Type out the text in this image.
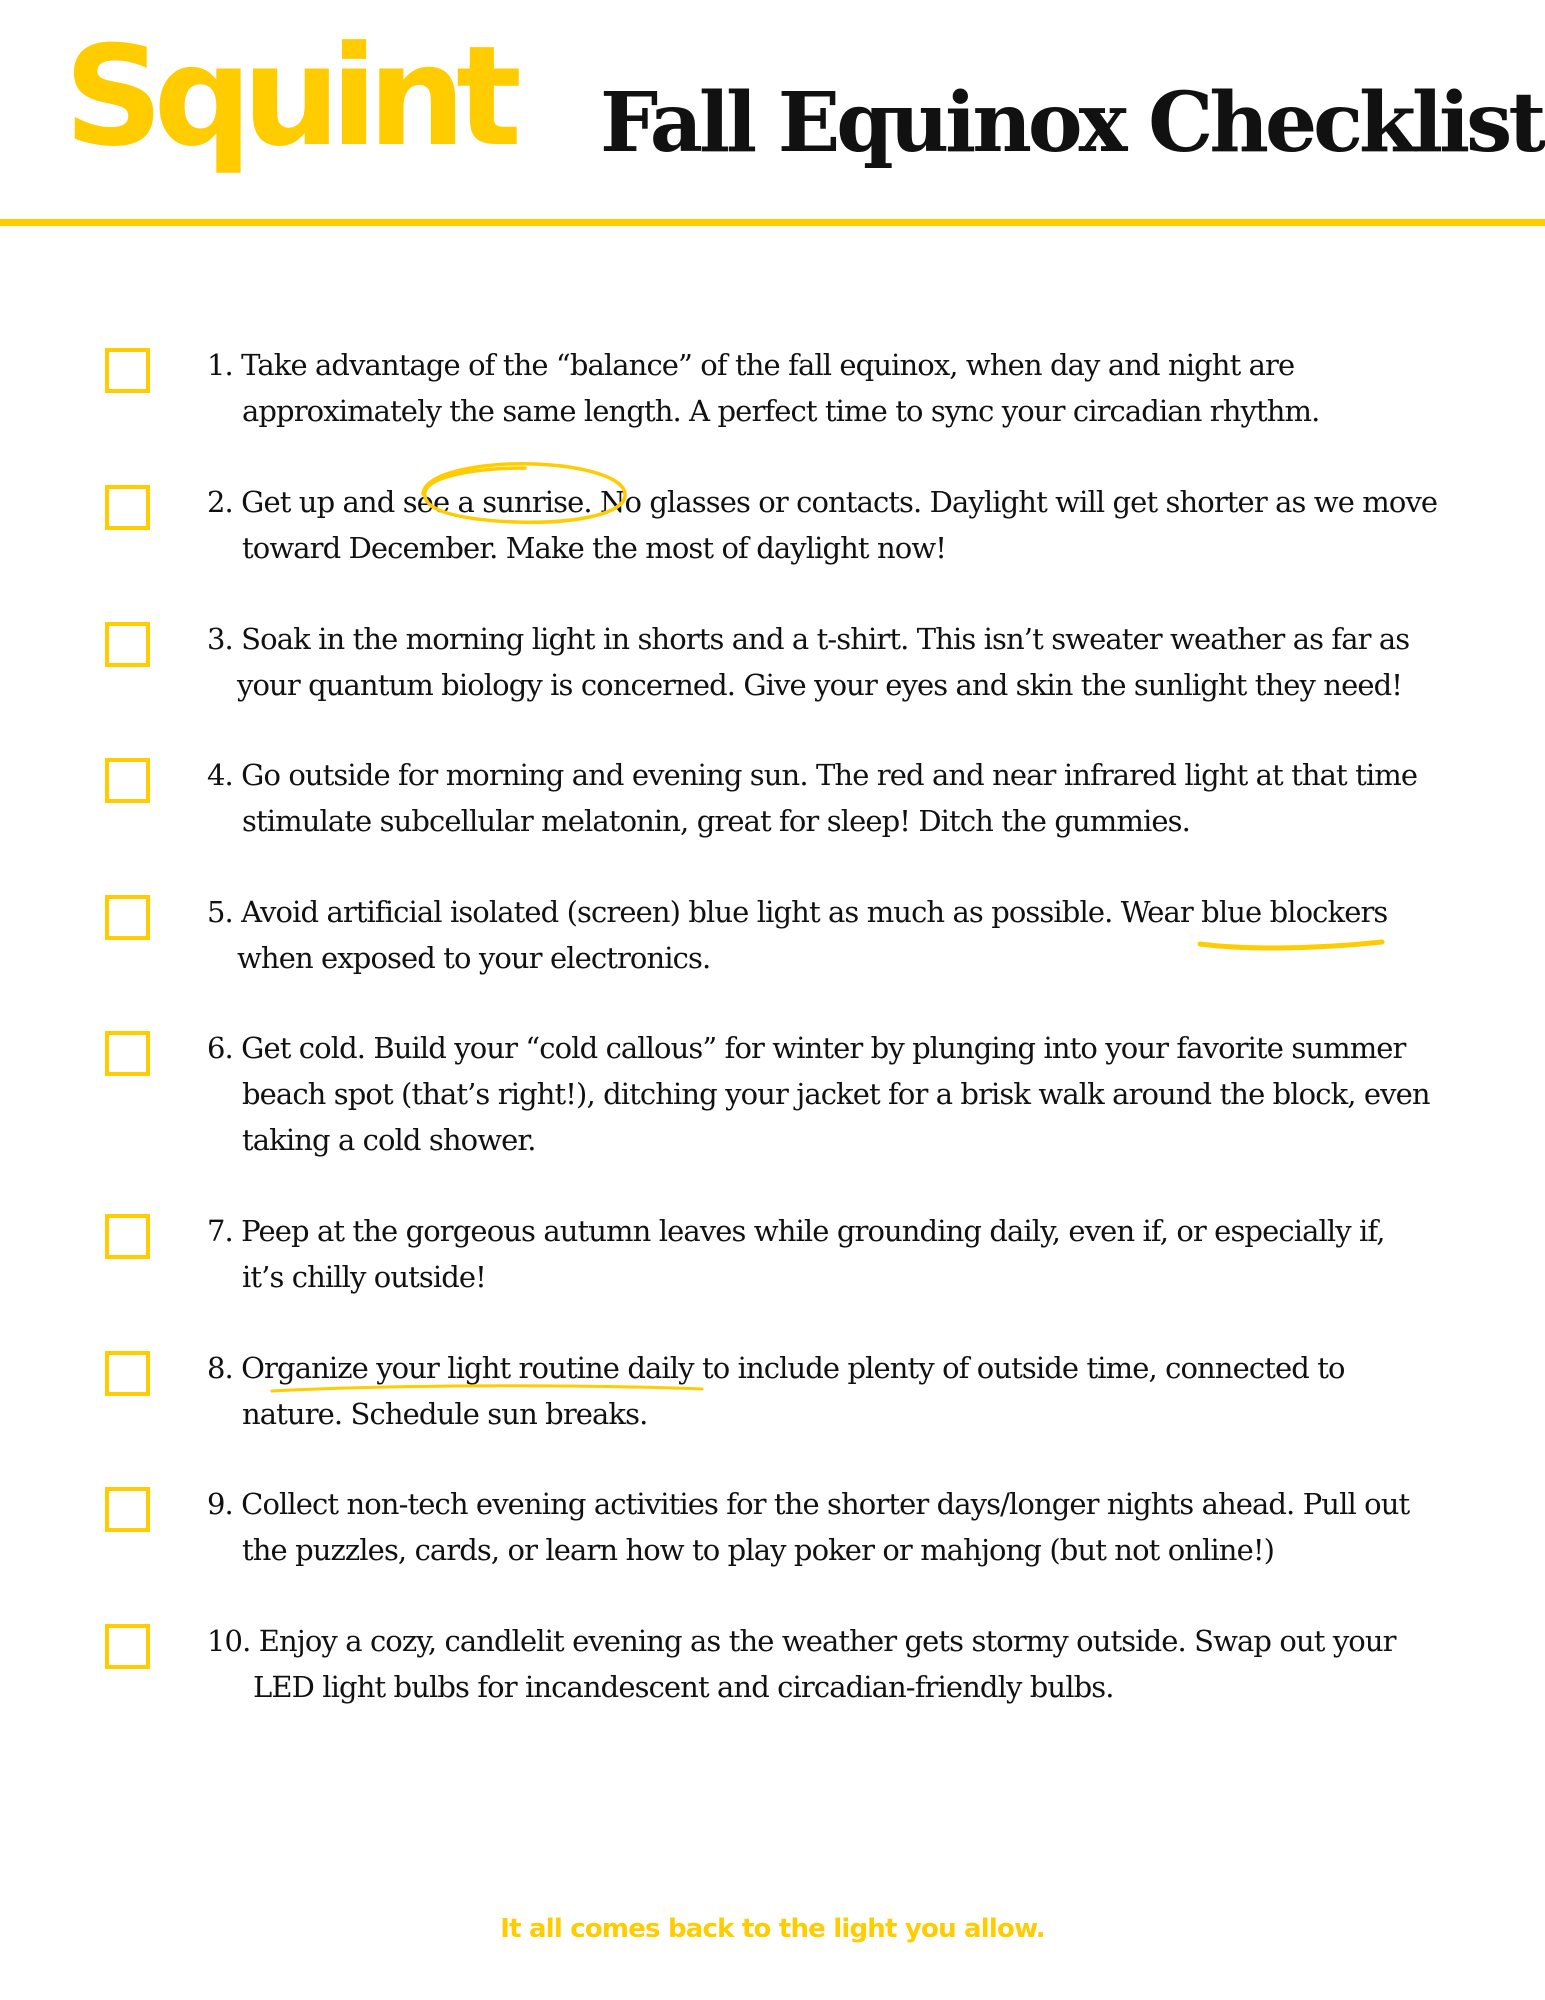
Squint Fall Equinox Checklist
1. Take advantage of the “balance” of the fall equinox, when day and night are
approximately the same length. A perfect time to sync your circadian rhythm.
2. Get up and see a sunrise. No glasses or contacts. Daylight will get shorter as we move
toward December. Make the most of daylight now!
3. Soak in the morning light in shorts and a t-shirt. This isn’t sweater weather as far as
your quantum biology is concerned. Give your eyes and skin the sunlight they need!
4. Go outside for morning and evening sun. The red and near infrared light at that time
stimulate subcellular melatonin, great for sleep! Ditch the gummies.
5. Avoid artificial isolated (screen) blue light as much as possible. Wear blue blockers
when exposed to your electronics.
6. Get cold. Build your “cold callous” for winter by plunging into your favorite summer
beach spot (that’s right!), ditching your jacket for a brisk walk around the block, even
taking a cold shower.
7. Peep at the gorgeous autumn leaves while grounding daily, even if, or especially if,
it’s chilly outside!
8. Organize your light routine daily to include plenty of outside time, connected to
nature. Schedule sun breaks.
9. Collect non-tech evening activities for the shorter days/longer nights ahead. Pull out
the puzzles, cards, or learn how to play poker or mahjong (but not online!)
10. Enjoy a cozy, candlelit evening as the weather gets stormy outside. Swap out your
LED light bulbs for incandescent and circadian-friendly bulbs.
It all comes back to the light you allow.
